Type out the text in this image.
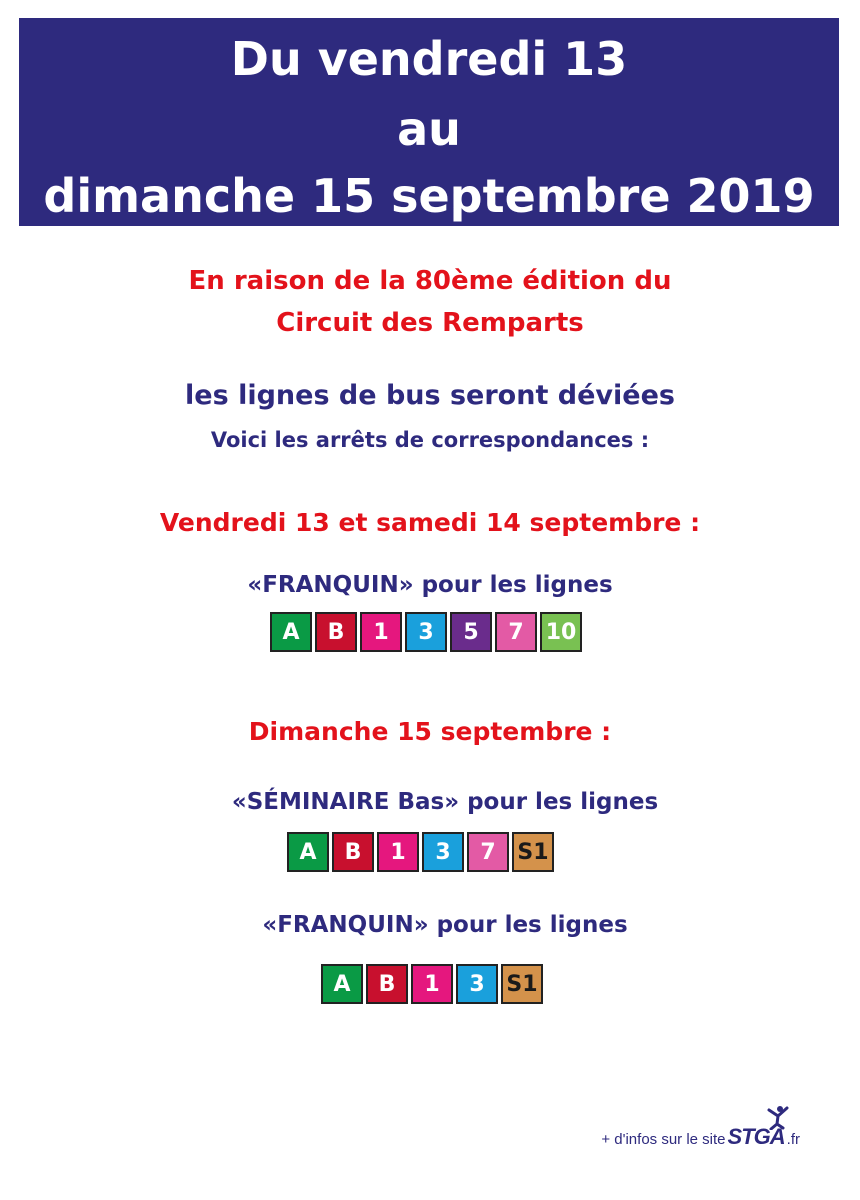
Du vendredi 13
au
dimanche 15 septembre 2019
En raison de la 80ème édition du
Circuit des Remparts
les lignes de bus seront déviées
Voici les arrêts de correspondances :
Vendredi 13 et samedi 14 septembre :
«FRANQUIN» pour les lignes
A	B	1	3	5	7	10
Dimanche 15 septembre :
«SÉMINAIRE Bas» pour les lignes
A	B	1	3	7 S1
«FRANQUIN» pour les lignes
A	B	1	3 S1
+ d'infos sur le site STGA .fr
